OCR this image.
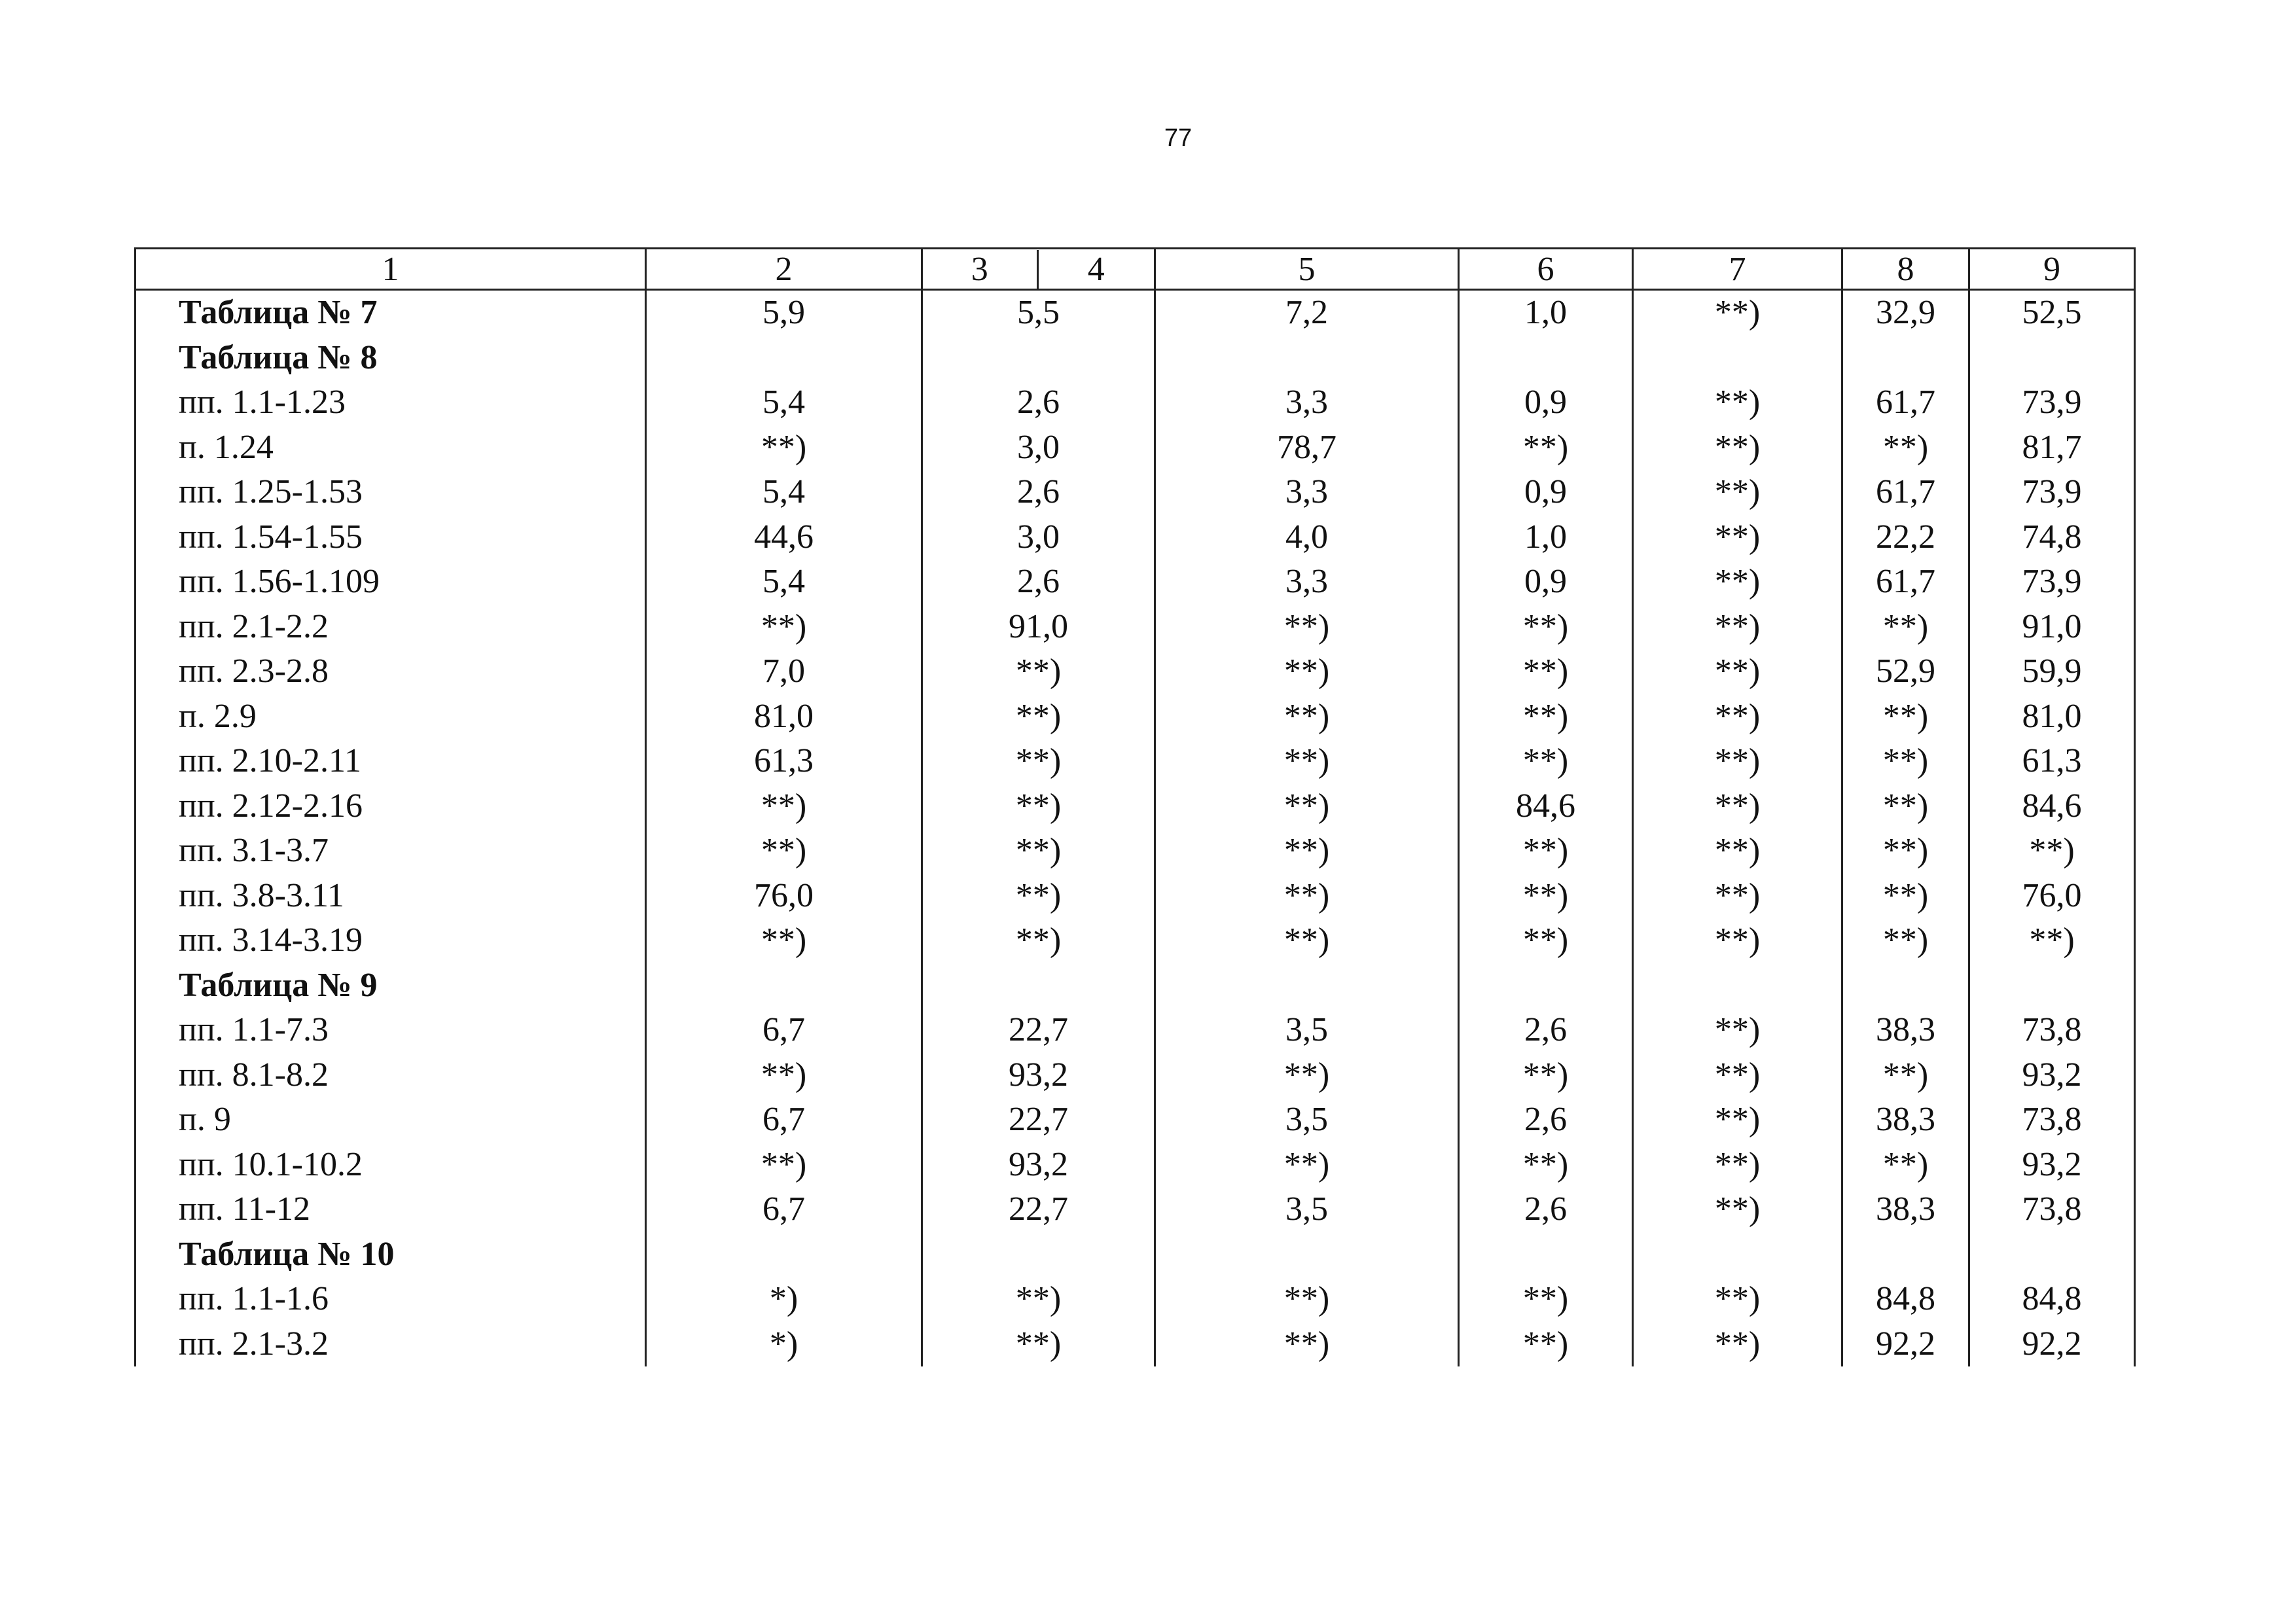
77
1	2	3 4	5	6	7	8	9
Таблица № 7	5,9	5,5	7,2	1,0	**)	32,9	52,5
Таблица № 8							
пп. 1.1-1.23	5,4	2,6	3,3	0,9	**)	61,7	73,9
п. 1.24	**)	3,0	78,7	**)	**)	**)	81,7
пп. 1.25-1.53	5,4	2,6	3,3	0,9	**)	61,7	73,9
пп. 1.54-1.55	44,6	3,0	4,0	1,0	**)	22,2	74,8
пп. 1.56-1.109	5,4	2,6	3,3	0,9	**)	61,7	73,9
пп. 2.1-2.2	**)	91,0	**)	**)	**)	**)	91,0
пп. 2.3-2.8	7,0	**)	**)	**)	**)	52,9	59,9
п. 2.9	81,0	**)	**)	**)	**)	**)	81,0
пп. 2.10-2.11	61,3	**)	**)	**)	**)	**)	61,3
пп. 2.12-2.16	**)	**)	**)	84,6	**)	**)	84,6
пп. 3.1-3.7	**)	**)	**)	**)	**)	**)	**)
пп. 3.8-3.11	76,0	**)	**)	**)	**)	**)	76,0
пп. 3.14-3.19	**)	**)	**)	**)	**)	**)	**)
Таблица № 9							
пп. 1.1-7.3	6,7	22,7	3,5	2,6	**)	38,3	73,8
пп. 8.1-8.2	**)	93,2	**)	**)	**)	**)	93,2
п. 9	6,7	22,7	3,5	2,6	**)	38,3	73,8
пп. 10.1-10.2	**)	93,2	**)	**)	**)	**)	93,2
пп. 11-12	6,7	22,7	3,5	2,6	**)	38,3	73,8
Таблица № 10							
пп. 1.1-1.6	*)	**)	**)	**)	**)	84,8	84,8
пп. 2.1-3.2	*)	**)	**)	**)	**)	92,2	92,2
